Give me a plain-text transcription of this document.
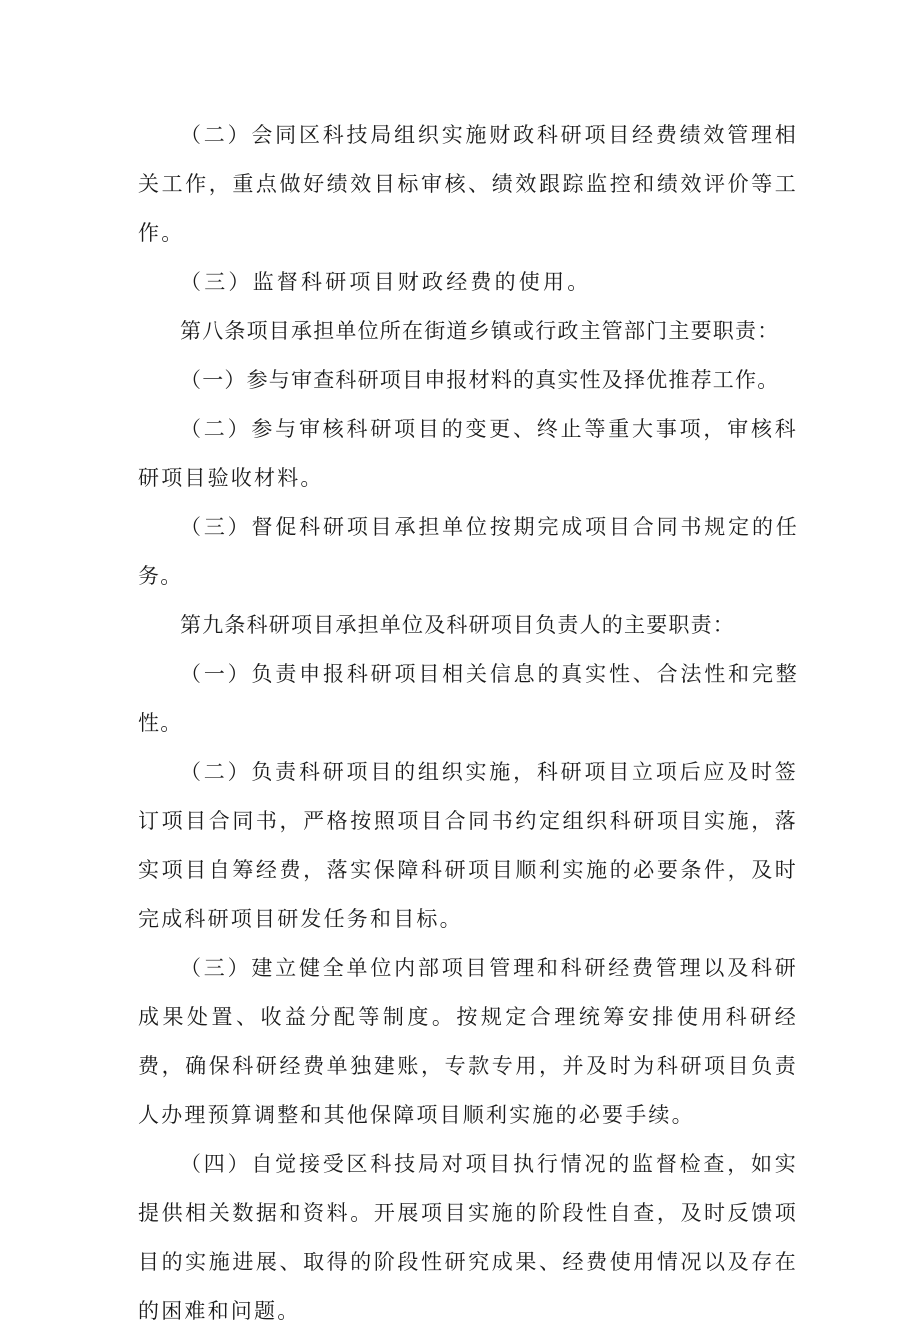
（二）会同区科技局组织实施财政科研项目经费绩效管理相关工作，重点做好绩效目标审核、绩效跟踪监控和绩效评价等工作。

（三）监督科研项目财政经费的使用。

第八条项目承担单位所在街道乡镇或行政主管部门主要职责：

（一）参与审查科研项目申报材料的真实性及择优推荐工作。

（二）参与审核科研项目的变更、终止等重大事项，审核科研项目验收材料。

（三）督促科研项目承担单位按期完成项目合同书规定的任务。

第九条科研项目承担单位及科研项目负责人的主要职责：

（一）负责申报科研项目相关信息的真实性、合法性和完整性。

（二）负责科研项目的组织实施，科研项目立项后应及时签订项目合同书，严格按照项目合同书约定组织科研项目实施，落实项目自筹经费，落实保障科研项目顺利实施的必要条件，及时完成科研项目研发任务和目标。

（三）建立健全单位内部项目管理和科研经费管理以及科研成果处置、收益分配等制度。按规定合理统筹安排使用科研经费，确保科研经费单独建账，专款专用，并及时为科研项目负责人办理预算调整和其他保障项目顺利实施的必要手续。

（四）自觉接受区科技局对项目执行情况的监督检查，如实提供相关数据和资料。开展项目实施的阶段性自查，及时反馈项目的实施进展、取得的阶段性研究成果、经费使用情况以及存在的困难和问题。
